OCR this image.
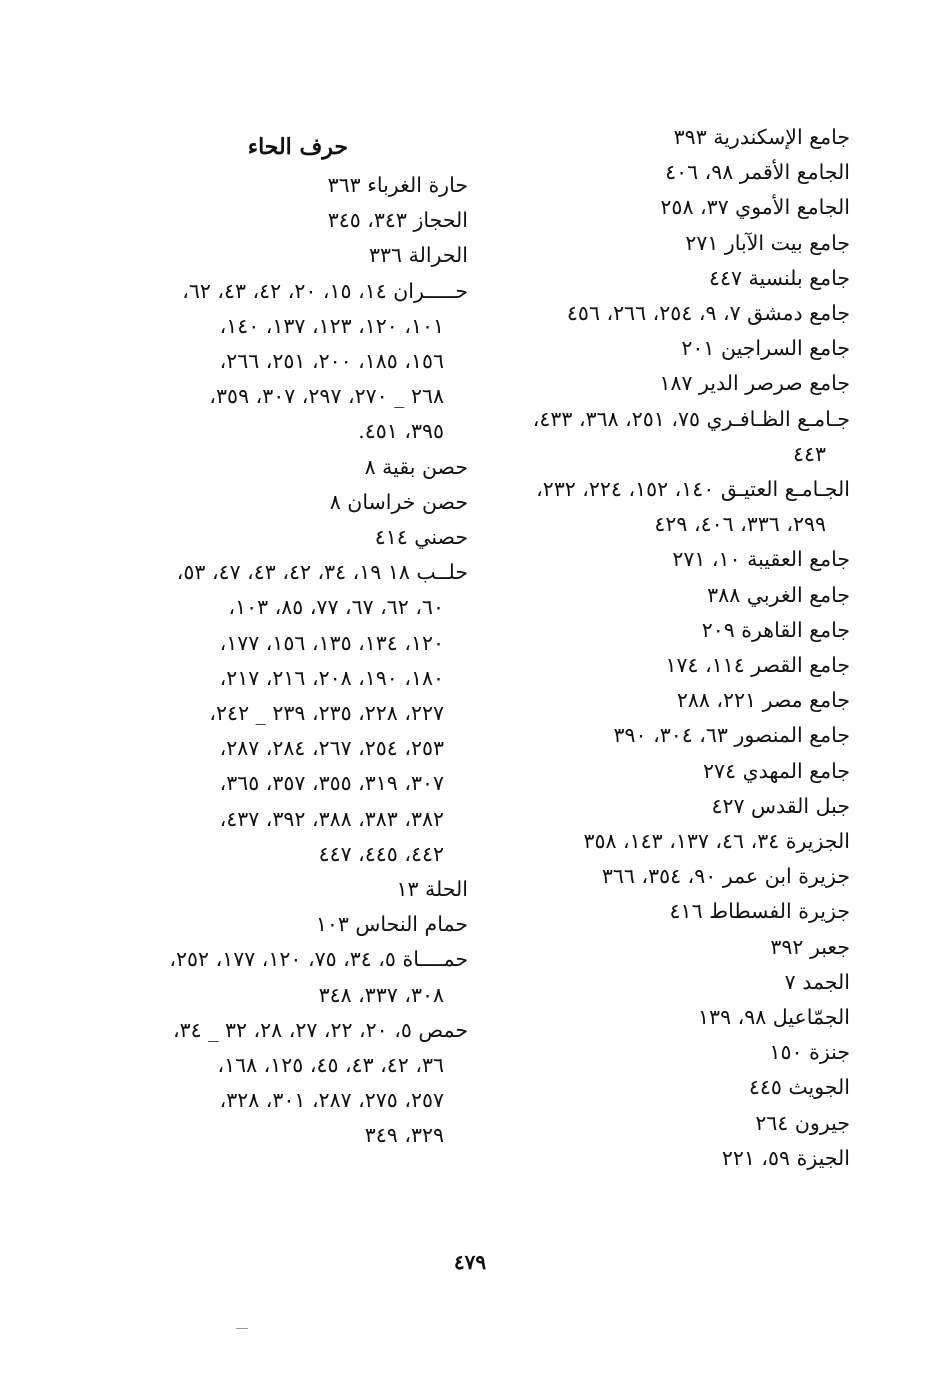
جامع الإسكندرية ٣٩٣
الجامع الأقمر ٩٨، ٤٠٦
الجامع الأموي ٣٧، ٢٥٨
جامع بيت الآبار ٢٧١
جامع بلنسية ٤٤٧
جامع دمشق ٧، ٩، ٢٥٤، ٢٦٦، ٤٥٦
جامع السراجين ٢٠١
جامع صرصر الدير ١٨٧
جـامـع الظـافـري ٧٥، ٢٥١، ٣٦٨، ٤٣٣،
٤٤٣
الجـامـع العتيـق ١٤٠، ١٥٢، ٢٢٤، ٢٣٢،
٢٩٩، ٣٣٦، ٤٠٦، ٤٢٩
جامع العقيبة ١٠، ٢٧١
جامع الغربي ٣٨٨
جامع القاهرة ٢٠٩
جامع القصر ١١٤، ١٧٤
جامع مصر ٢٢١، ٢٨٨
جامع المنصور ٦٣، ٣٠٤، ٣٩٠
جامع المهدي ٢٧٤
جبل القدس ٤٢٧
الجزيرة ٣٤، ٤٦، ١٣٧، ١٤٣، ٣٥٨
جزيرة ابن عمر ٩٠، ٣٥٤، ٣٦٦
جزيرة الفسطاط ٤١٦
جعبر ٣٩٢
الجمد ٧
الجمّاعيل ٩٨، ١٣٩
جنزة ١٥٠
الجويث ٤٤٥
جيرون ٢٦٤
الجيزة ٥٩، ٢٢١
حرف الحاء
حارة الغرباء ٣٦٣
الحجاز ٣٤٣، ٣٤٥
الحرالة ٣٣٦
حـــــران ١٤، ١٥، ٢٠، ٤٢، ٤٣، ٦٢،
١٠١، ١٢٠، ١٢٣، ١٣٧، ١٤٠،
١٥٦، ١٨٥، ٢٠٠، ٢٥١، ٢٦٦،
٢٦٨ _ ٢٧٠، ٢٩٧، ٣٠٧، ٣٥٩،
٣٩٥، ٤٥١.
حصن بقية ٨
حصن خراسان ٨
حصني ٤١٤
حلــب ١٨ ١٩، ٣٤، ٤٢، ٤٣، ٤٧، ٥٣،
٦٠، ٦٢، ٦٧، ٧٧، ٨٥، ١٠٣،
١٢٠، ١٣٤، ١٣٥، ١٥٦، ١٧٧،
١٨٠، ١٩٠، ٢٠٨، ٢١٦، ٢١٧،
٢٢٧، ٢٢٨، ٢٣٥، ٢٣٩ _ ٢٤٢،
٢٥٣، ٢٥٤، ٢٦٧، ٢٨٤، ٢٨٧،
٣٠٧، ٣١٩، ٣٥٥، ٣٥٧، ٣٦٥،
٣٨٢، ٣٨٣، ٣٨٨، ٣٩٢، ٤٣٧،
٤٤٢، ٤٤٥، ٤٤٧
الحلة ١٣
حمام النحاس ١٠٣
حمــــاة ٥، ٣٤، ٧٥، ١٢٠، ١٧٧، ٢٥٢،
٣٠٨، ٣٣٧، ٣٤٨
حمص ٥، ٢٠، ٢٢، ٢٧، ٢٨، ٣٢ _ ٣٤،
٣٦، ٤٢، ٤٣، ٤٥، ١٢٥، ١٦٨،
٢٥٧، ٢٧٥، ٢٨٧، ٣٠١، ٣٢٨،
٣٢٩، ٣٤٩
٤٧٩
